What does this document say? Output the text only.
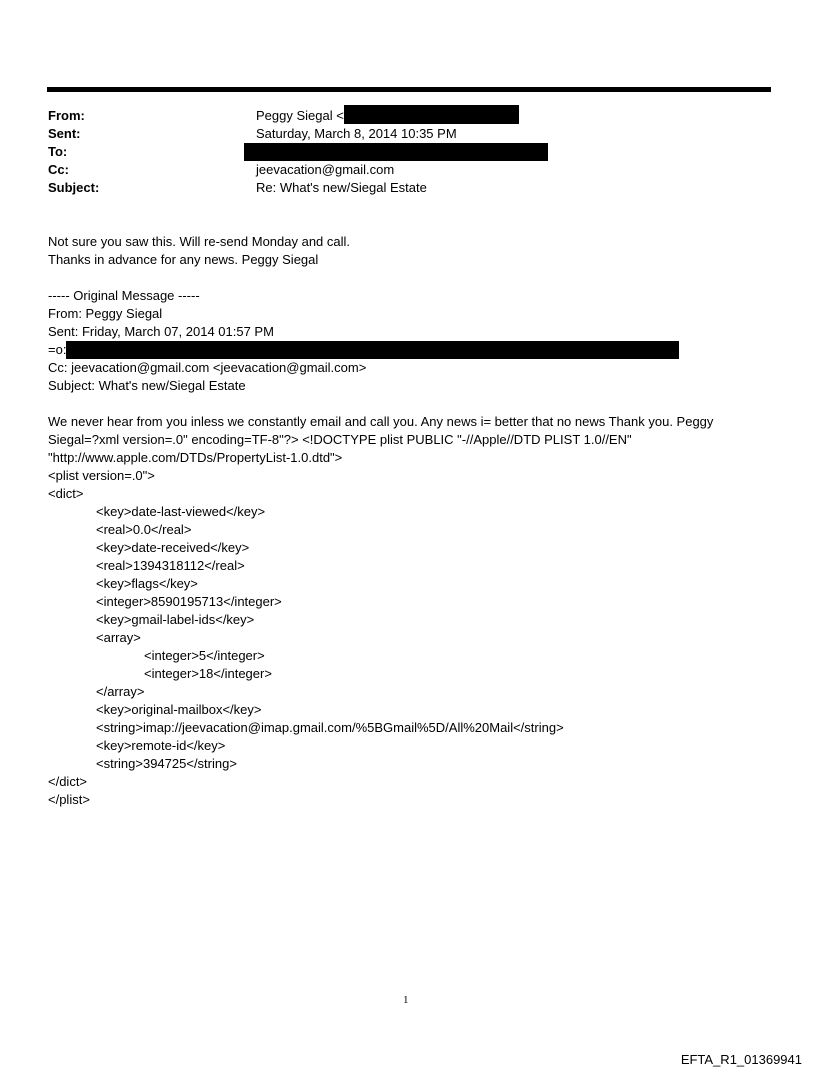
From:	Peggy Siegal <
Sent:	Saturday, March 8, 2014 10:35 PM
To:
Cc:	jeevacation@gmail.com
Subject:	Re: What's new/Siegal Estate
Not sure you saw this. Will re-send Monday and call.
Thanks in advance for any news. Peggy Siegal
----- Original Message -----
From: Peggy Siegal
Sent: Friday, March 07, 2014 01:57 PM
=o:
Cc: jeevacation@gmail.com <jeevacation@gmail.com>
Subject: What's new/Siegal Estate
We never hear from you inless we constantly email and call you. Any news i= better that no news Thank you. Peggy
Siegal=?xml version=.0" encoding=TF-8"?> <!DOCTYPE plist PUBLIC "-//Apple//DTD PLIST 1.0//EN"
"http://www.apple.com/DTDs/PropertyList-1.0.dtd">
<plist version=.0">
<dict>
<key>date-last-viewed</key>
<real>0.0</real>
<key>date-received</key>
<real>1394318112</real>
<key>flags</key>
<integer>8590195713</integer>
<key>gmail-label-ids</key>
<array>
<integer>5</integer>
<integer>18</integer>
</array>
<key>original-mailbox</key>
<string>imap://jeevacation@imap.gmail.com/%5BGmail%5D/All%20Mail</string>
<key>remote-id</key>
<string>394725</string>
</dict>
</plist>
1
EFTA_R1_01369941
